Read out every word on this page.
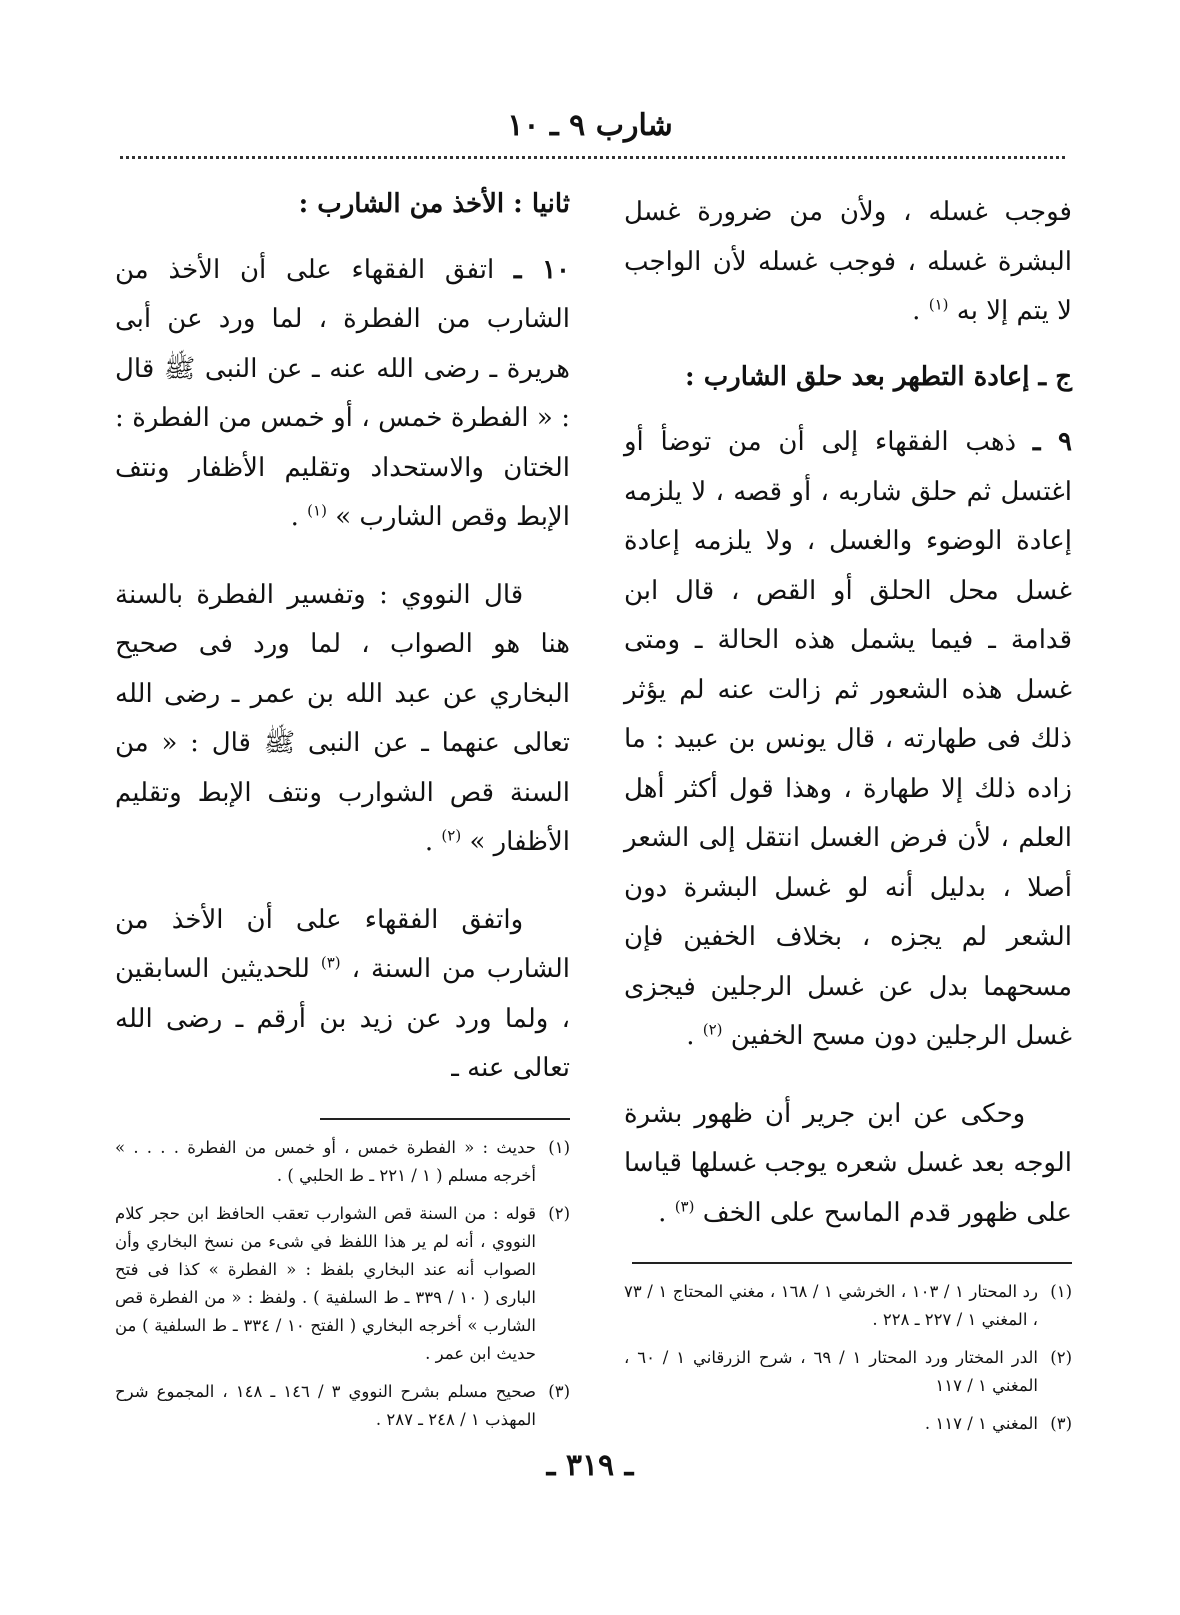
شارب ٩ ـ ١٠

فوجب غسله ، ولأن من ضرورة غسل البشرة غسله ، فوجب غسله لأن الواجب لا يتم إلا به $^{(١)}$ .

ج ـ إعادة التطهر بعد حلق الشارب :

٩ ـ ذهب الفقهاء إلى أن من توضأ أو اغتسل ثم حلق شاربه ، أو قصه ، لا يلزمه إعادة الوضوء والغسل ، ولا يلزمه إعادة غسل محل الحلق أو القص ، قال ابن قدامة ـ فيما يشمل هذه الحالة ـ ومتى غسل هذه الشعور ثم زالت عنه لم يؤثر ذلك فى طهارته ، قال يونس بن عبيد : ما زاده ذلك إلا طهارة ، وهذا قول أكثر أهل العلم ، لأن فرض الغسل انتقل إلى الشعر أصلا ، بدليل أنه لو غسل البشرة دون الشعر لم يجزه ، بخلاف الخفين فإن مسحهما بدل عن غسل الرجلين فيجزى غسل الرجلين دون مسح الخفين $^{(٢)}$ .

وحكى عن ابن جرير أن ظهور بشرة الوجه بعد غسل شعره يوجب غسلها قياسا على ظهور قدم الماسح على الخف $^{(٣)}$ .

(١)
رد المحتار ١ / ١٠٣ ، الخرشي ١ / ١٦٨ ، مغني المحتاج ١ / ٧٣ ، المغني ١ / ٢٢٧ ـ ٢٢٨ .
(٢)
الدر المختار ورد المحتار ١ / ٦٩ ، شرح الزرقاني ١ / ٦٠ ، المغني ١ / ١١٧
(٣)
المغني ١ / ١١٧ .

ثانيا : الأخذ من الشارب :

١٠ ـ اتفق الفقهاء على أن الأخذ من الشارب من الفطرة ، لما ورد عن أبى هريرة ـ رضى الله عنه ـ عن النبى ﷺ قال : « الفطرة خمس ، أو خمس من الفطرة : الختان والاستحداد وتقليم الأظفار ونتف الإبط وقص الشارب » $^{(١)}$ .

قال النووي : وتفسير الفطرة بالسنة هنا هو الصواب ، لما ورد فى صحيح البخاري عن عبد الله بن عمر ـ رضى الله تعالى عنهما ـ عن النبى ﷺ قال : « من السنة قص الشوارب ونتف الإبط وتقليم الأظفار » $^{(٢)}$ .

واتفق الفقهاء على أن الأخذ من الشارب من السنة ، $^{(٣)}$ للحديثين السابقين ، ولما ورد عن زيد بن أرقم ـ رضى الله تعالى عنه ـ

(١)
حديث : « الفطرة خمس ، أو خمس من الفطرة . . . . » أخرجه مسلم ( ١ / ٢٢١ ـ ط الحلبي ) .
(٢)
قوله : من السنة قص الشوارب تعقب الحافظ ابن حجر كلام النووي ، أنه لم ير هذا اللفظ في شىء من نسخ البخاري وأن الصواب أنه عند البخاري بلفظ : « الفطرة » كذا فى فتح البارى ( ١٠ / ٣٣٩ ـ ط السلفية ) . ولفظ : « من الفطرة قص الشارب » أخرجه البخاري ( الفتح ١٠ / ٣٣٤ ـ ط السلفية ) من حديث ابن عمر .
(٣)
صحيح مسلم بشرح النووي ٣ / ١٤٦ ـ ١٤٨ ، المجموع شرح المهذب ١ / ٢٤٨ ـ ٢٨٧ .
ـ ٣١٩ ـ
